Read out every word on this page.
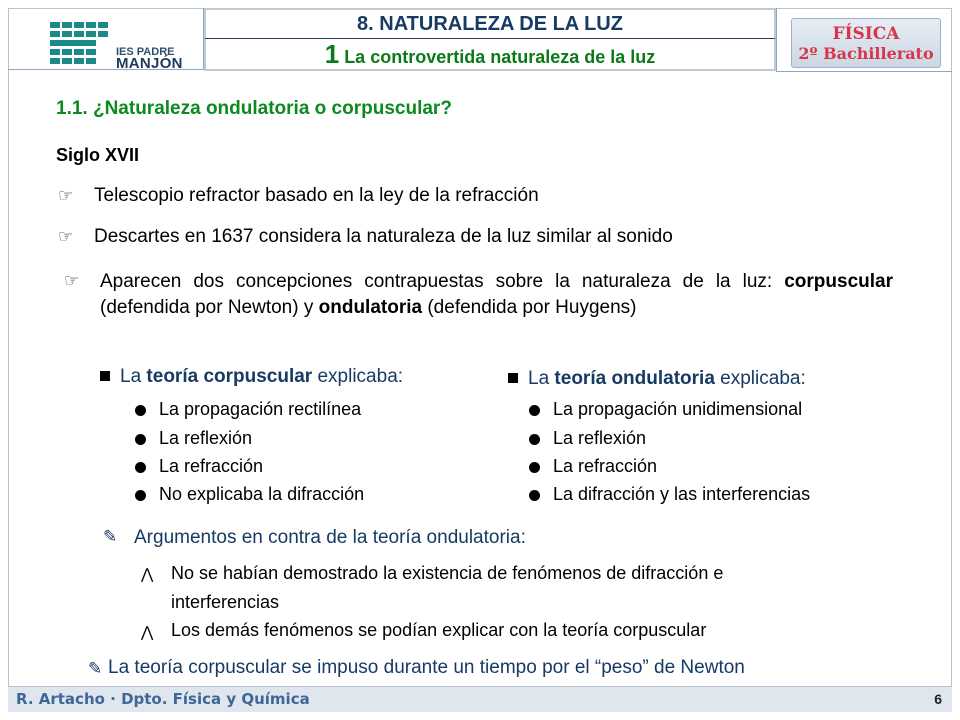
IES PADRE
MANJÓN
8. NATURALEZA DE LA LUZ
1 La controvertida naturaleza de la luz
FÍSICA
2º Bachillerato
1.1. ¿Naturaleza ondulatoria o corpuscular?
Siglo XVII
☞ Telescopio refractor basado en la ley de la refracción
☞ Descartes en 1637 considera la naturaleza de la luz similar al sonido
☞ Aparecen dos concepciones contrapuestas sobre la naturaleza de la luz: corpuscular (defendida por Newton) y ondulatoria (defendida por Huygens)
La teoría corpuscular explicaba:
La propagación rectilínea
La reflexión
La refracción
No explicaba la difracción
La teoría ondulatoria explicaba:
La propagación unidimensional
La reflexión
La refracción
La difracción y las interferencias
✎ Argumentos en contra de la teoría ondulatoria:
⋀ No se habían demostrado la existencia de fenómenos de difracción e
interferencias
⋀ Los demás fenómenos se podían explicar con la teoría corpuscular
✎ La teoría corpuscular se impuso durante un tiempo por el “peso” de Newton
R. Artacho · Dpto. Física y Química	6
